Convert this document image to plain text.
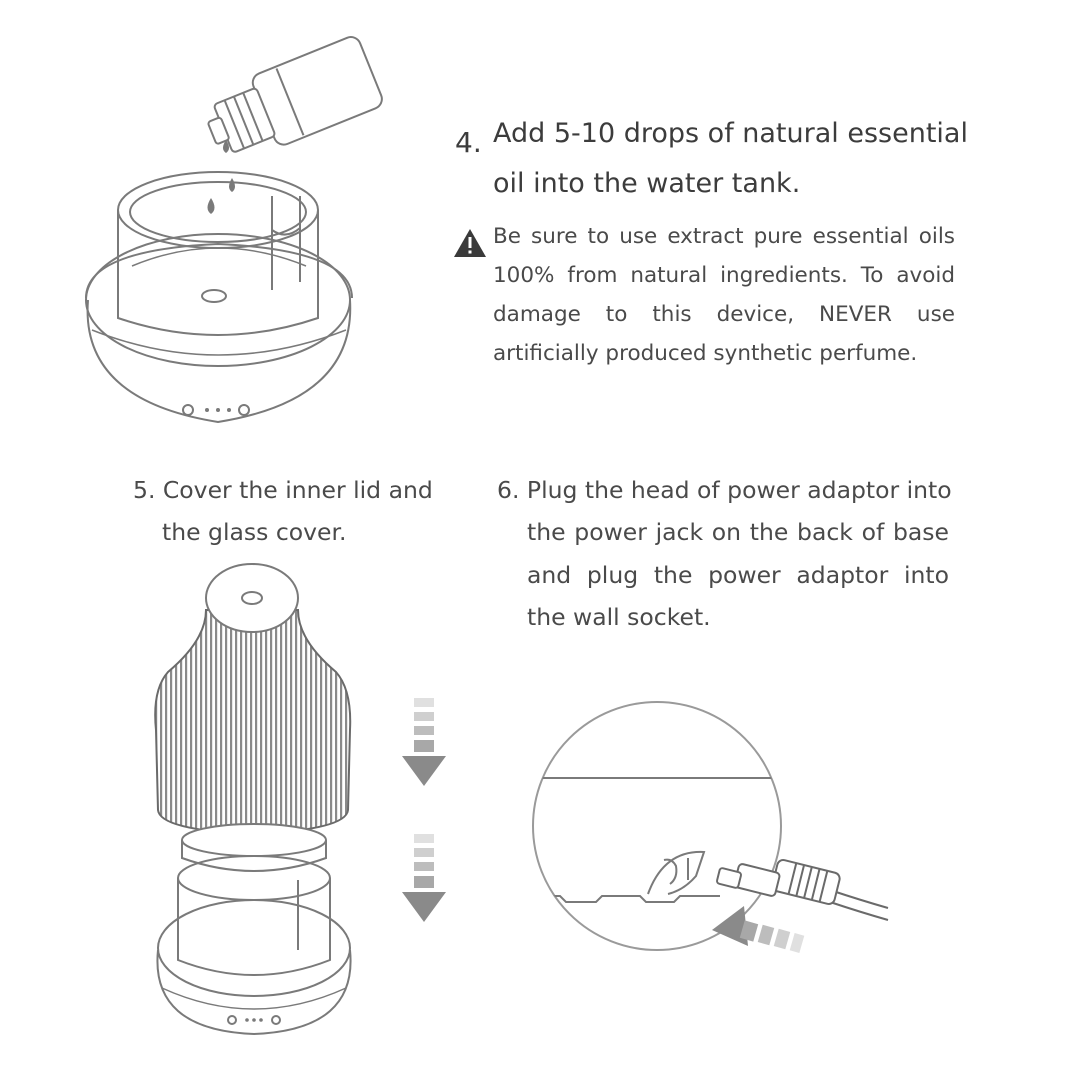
4. Add 5-10 drops of natural essential
oil into the water tank.
Be sure to use extract pure essential oils
100% from natural ingredients. To avoid
damage to this device, NEVER use
artificially produced synthetic perfume.
5. Cover the inner lid and
the glass cover.
6. Plug the head of power adaptor into
the power jack on the back of base
and plug the power adaptor into
the wall socket.
